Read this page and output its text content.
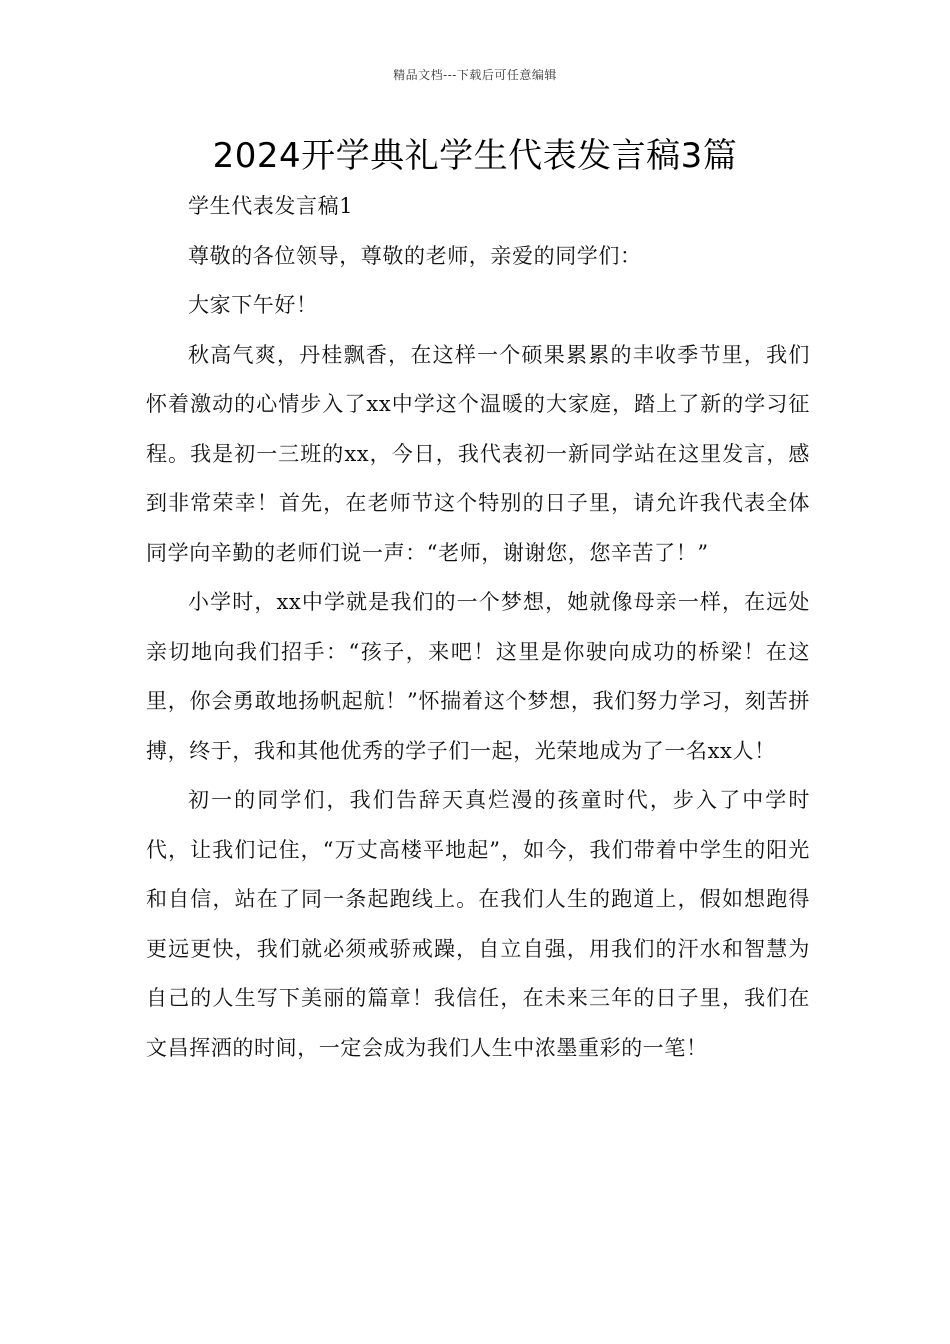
精品文档---下载后可任意编辑
2024开学典礼学生代表发言稿3篇

学生代表发言稿1

尊敬的各位领导，尊敬的老师，亲爱的同学们：

大家下午好！

秋高气爽，丹桂飘香，在这样一个硕果累累的丰收季节里，我们怀着激动的心情步入了xx中学这个温暖的大家庭，踏上了新的学习征程。我是初一三班的xx，今日，我代表初一新同学站在这里发言，感到非常荣幸！首先，在老师节这个特别的日子里，请允许我代表全体同学向辛勤的老师们说一声：“老师，谢谢您，您辛苦了！”

小学时，xx中学就是我们的一个梦想，她就像母亲一样，在远处亲切地向我们招手：“孩子，来吧！这里是你驶向成功的桥梁！在这里，你会勇敢地扬帆起航！”怀揣着这个梦想，我们努力学习，刻苦拼搏，终于，我和其他优秀的学子们一起，光荣地成为了一名xx人！

初一的同学们，我们告辞天真烂漫的孩童时代，步入了中学时代，让我们记住，“万丈高楼平地起”，如今，我们带着中学生的阳光和自信，站在了同一条起跑线上。在我们人生的跑道上，假如想跑得更远更快，我们就必须戒骄戒躁，自立自强，用我们的汗水和智慧为自己的人生写下美丽的篇章！我信任，在未来三年的日子里，我们在文昌挥洒的时间，一定会成为我们人生中浓墨重彩的一笔！
